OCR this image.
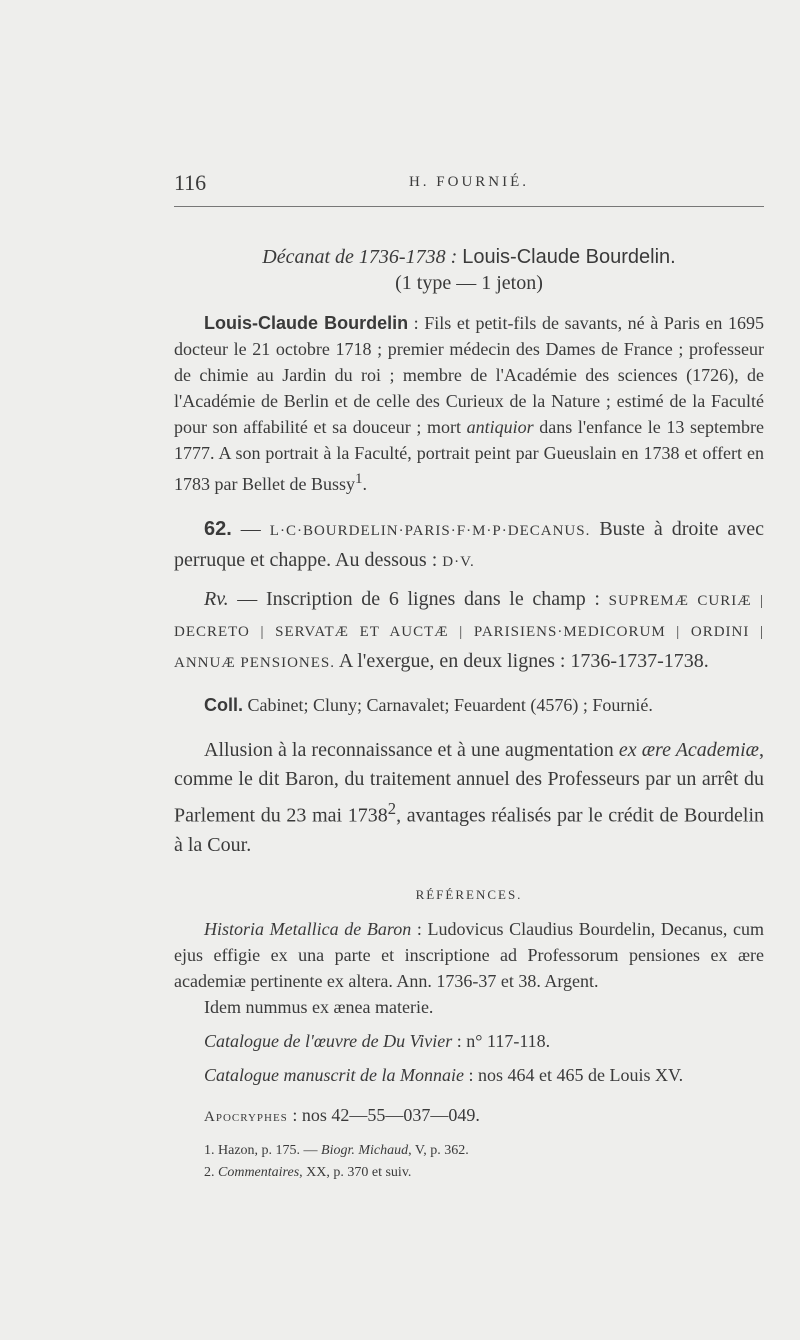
116	H. FOURNIÉ.

Décanat de 1736-1738 : Louis-Claude Bourdelin.

(1 type — 1 jeton)

Louis-Claude Bourdelin : Fils et petit-fils de savants, né à Paris en 1695 docteur le 21 octobre 1718 ; premier médecin des Dames de France ; professeur de chimie au Jardin du roi ; membre de l'Académie des sciences (1726), de l'Académie de Berlin et de celle des Curieux de la Nature ; estimé de la Faculté pour son affabilité et sa douceur ; mort antiquior dans l'enfance le 13 septembre 1777. A son portrait à la Faculté, portrait peint par Gueuslain en 1738 et offert en 1783 par Bellet de Bussy$^1$.

62. — L·C·BOURDELIN·PARIS·F·M·P·DECANUS. Buste à droite avec perruque et chappe. Au dessous : D·V.

Rv. — Inscription de 6 lignes dans le champ : SUPREMÆ CURIÆ | DECRETO | SERVATÆ ET AUCTÆ | PARISIENS·MEDICORUM | ORDINI | ANNUÆ PENSIONES. A l'exergue, en deux lignes : 1736-1737-1738.

Coll. Cabinet; Cluny; Carnavalet; Feuardent (4576) ; Fournié.

Allusion à la reconnaissance et à une augmentation ex ære Academiæ, comme le dit Baron, du traitement annuel des Professeurs par un arrêt du Parlement du 23 mai 1738$^2$, avantages réalisés par le crédit de Bourdelin à la Cour.

RÉFÉRENCES.

Historia Metallica de Baron : Ludovicus Claudius Bourdelin, Decanus, cum ejus effigie ex una parte et inscriptione ad Professorum pensiones ex ære academiæ pertinente ex altera. Ann. 1736-37 et 38. Argent.

Idem nummus ex ænea materie.

Catalogue de l'œuvre de Du Vivier : n° 117-118.

Catalogue manuscrit de la Monnaie : nos 464 et 465 de Louis XV.

Apocryphes : nos 42—55—037—049.

1. Hazon, p. 175. — Biogr. Michaud, V, p. 362.

2. Commentaires, XX, p. 370 et suiv.
